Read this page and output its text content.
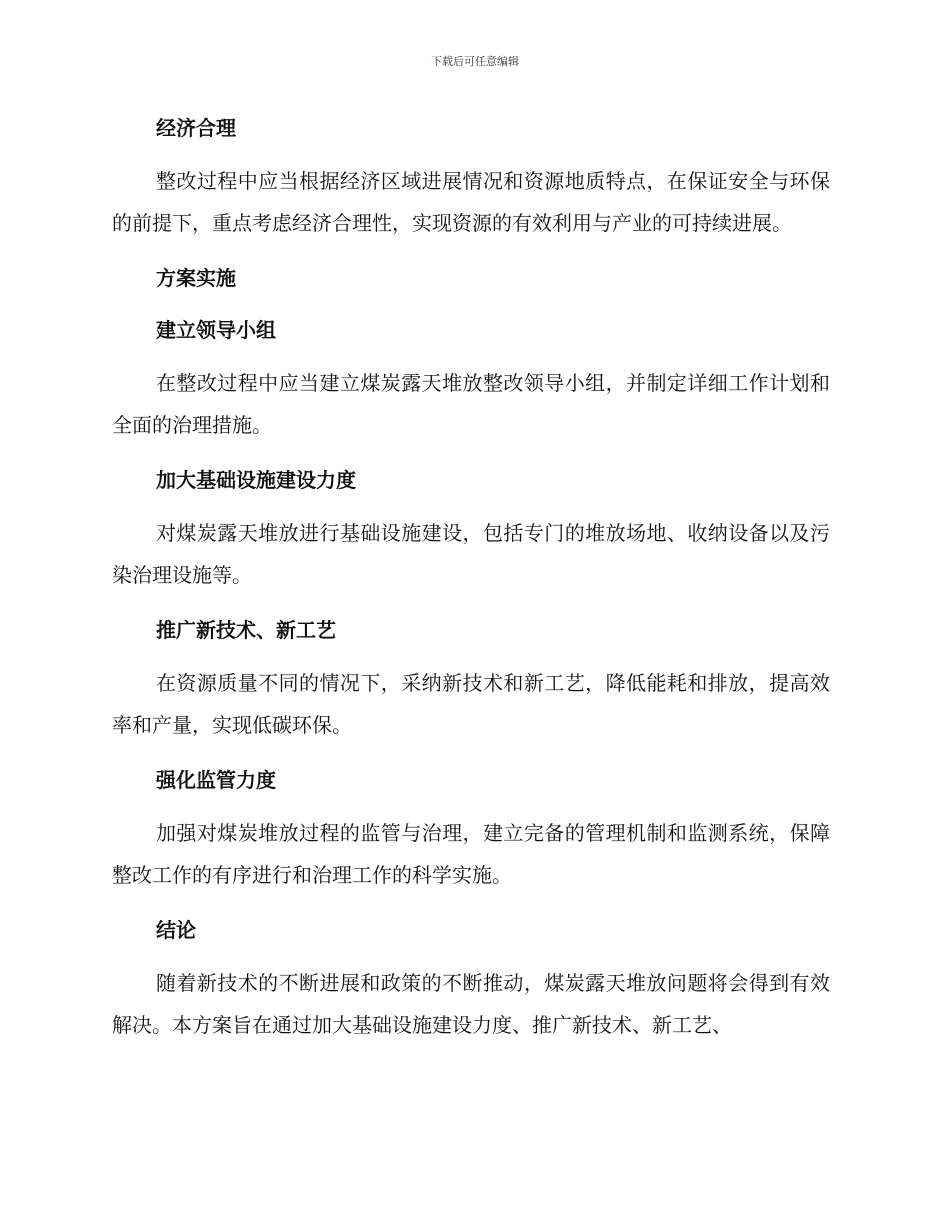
下载后可任意编辑
经济合理

整改过程中应当根据经济区域进展情况和资源地质特点，在保证安全与环保的前提下，重点考虑经济合理性，实现资源的有效利用与产业的可持续进展。

方案实施
建立领导小组

在整改过程中应当建立煤炭露天堆放整改领导小组，并制定详细工作计划和全面的治理措施。

加大基础设施建设力度

对煤炭露天堆放进行基础设施建设，包括专门的堆放场地、收纳设备以及污染治理设施等。

推广新技术、新工艺

在资源质量不同的情况下，采纳新技术和新工艺，降低能耗和排放，提高效率和产量，实现低碳环保。

强化监管力度

加强对煤炭堆放过程的监管与治理，建立完备的管理机制和监测系统，保障整改工作的有序进行和治理工作的科学实施。

结论

随着新技术的不断进展和政策的不断推动，煤炭露天堆放问题将会得到有效解决。本方案旨在通过加大基础设施建设力度、推广新技术、新工艺、
